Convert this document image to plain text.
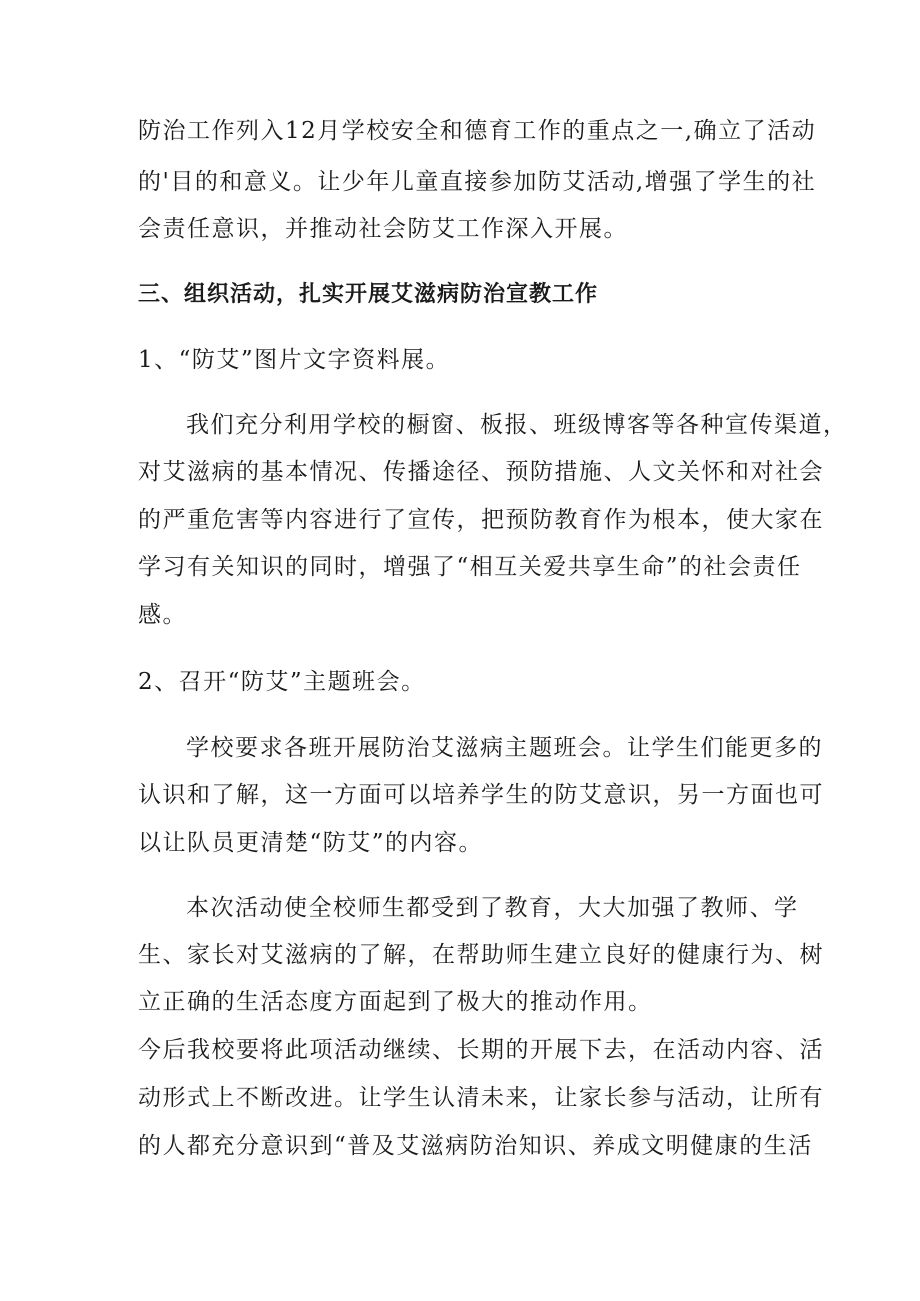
防治工作列入12月学校安全和德育工作的重点之一,确立了活动
的'目的和意义。让少年儿童直接参加防艾活动,增强了学生的社
会责任意识，并推动社会防艾工作深入开展。
三、组织活动，扎实开展艾滋病防治宣教工作
1、“防艾”图片文字资料展。
我们充分利用学校的橱窗、板报、班级博客等各种宣传渠道，
对艾滋病的基本情况、传播途径、预防措施、人文关怀和对社会
的严重危害等内容进行了宣传，把预防教育作为根本，使大家在
学习有关知识的同时，增强了“相互关爱共享生命”的社会责任
感。
2、召开“防艾”主题班会。
学校要求各班开展防治艾滋病主题班会。让学生们能更多的
认识和了解，这一方面可以培养学生的防艾意识，另一方面也可
以让队员更清楚“防艾”的内容。
本次活动使全校师生都受到了教育，大大加强了教师、学
生、家长对艾滋病的了解，在帮助师生建立良好的健康行为、树
立正确的生活态度方面起到了极大的推动作用。
今后我校要将此项活动继续、长期的开展下去，在活动内容、活
动形式上不断改进。让学生认清未来，让家长参与活动，让所有
的人都充分意识到“普及艾滋病防治知识、养成文明健康的生活
